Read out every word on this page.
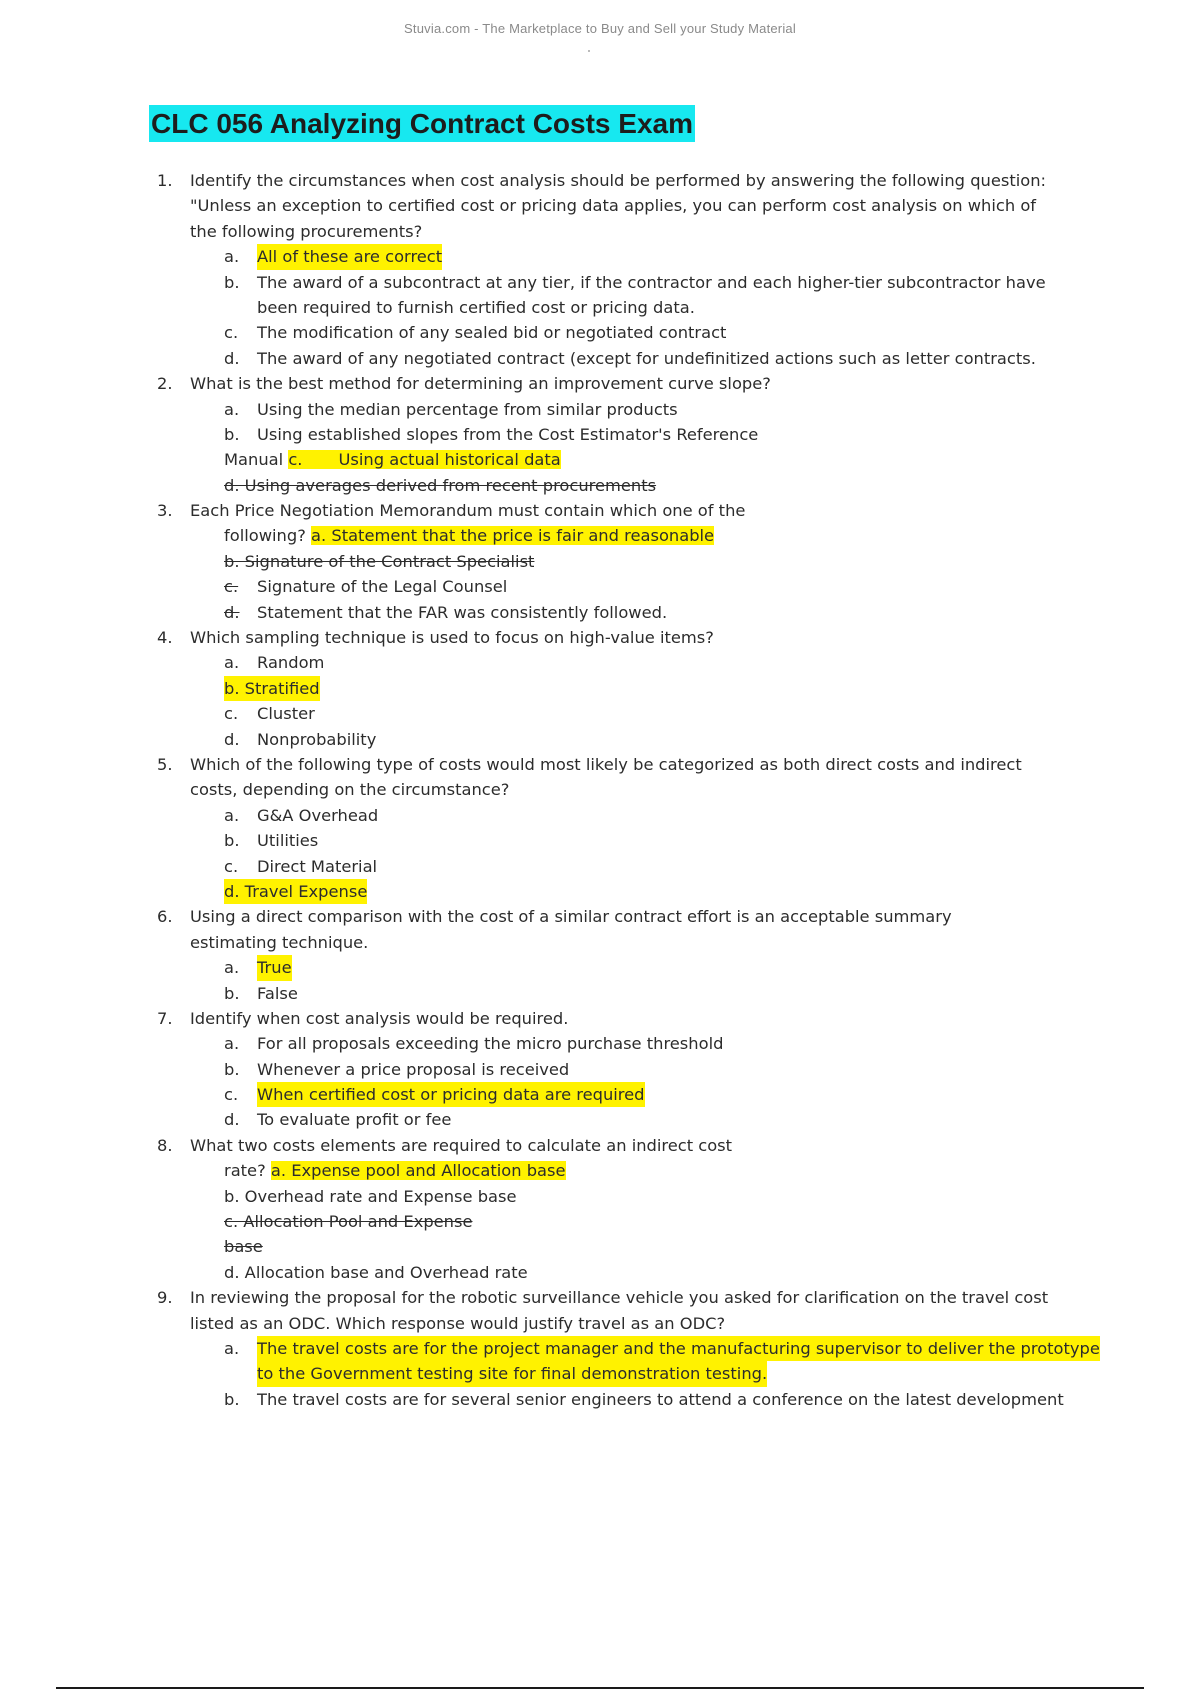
Stuvia.com - The Marketplace to Buy and Sell your Study Material
CLC 056 Analyzing Contract Costs Exam
1. Identify the circumstances when cost analysis should be performed by answering the following question:
"Unless an exception to certified cost or pricing data applies, you can perform cost analysis on which of
the following procurements?
a. All of these are correct
b. The award of a subcontract at any tier, if the contractor and each higher-tier subcontractor have
been required to furnish certified cost or pricing data.
c. The modification of any sealed bid or negotiated contract
d. The award of any negotiated contract (except for undefinitized actions such as letter contracts.
2. What is the best method for determining an improvement curve slope?
a. Using the median percentage from similar products
b. Using established slopes from the Cost Estimator's Reference
Manual c. Using actual historical data
d. Using averages derived from recent procurements
3. Each Price Negotiation Memorandum must contain which one of the
following? a. Statement that the price is fair and reasonable
b. Signature of the Contract Specialist
c.	Signature of the Legal Counsel
d.	Statement that the FAR was consistently followed.
4. Which sampling technique is used to focus on high-value items?
a. Random
b. Stratified
c. Cluster
d. Nonprobability
5. Which of the following type of costs would most likely be categorized as both direct costs and indirect
costs, depending on the circumstance?
a. G&A Overhead
b. Utilities
c. Direct Material
d. Travel Expense
6. Using a direct comparison with the cost of a similar contract effort is an acceptable summary
estimating technique.
a. True
b. False
7. Identify when cost analysis would be required.
a. For all proposals exceeding the micro purchase threshold
b. Whenever a price proposal is received
c. When certified cost or pricing data are required
d. To evaluate profit or fee
8. What two costs elements are required to calculate an indirect cost
rate? a. Expense pool and Allocation base
b. Overhead rate and Expense base
c. Allocation Pool and Expense
base
d. Allocation base and Overhead rate
9. In reviewing the proposal for the robotic surveillance vehicle you asked for clarification on the travel cost
listed as an ODC. Which response would justify travel as an ODC?
a. The travel costs are for the project manager and the manufacturing supervisor to deliver the prototype
to the Government testing site for final demonstration testing.
b. The travel costs are for several senior engineers to attend a conference on the latest development
